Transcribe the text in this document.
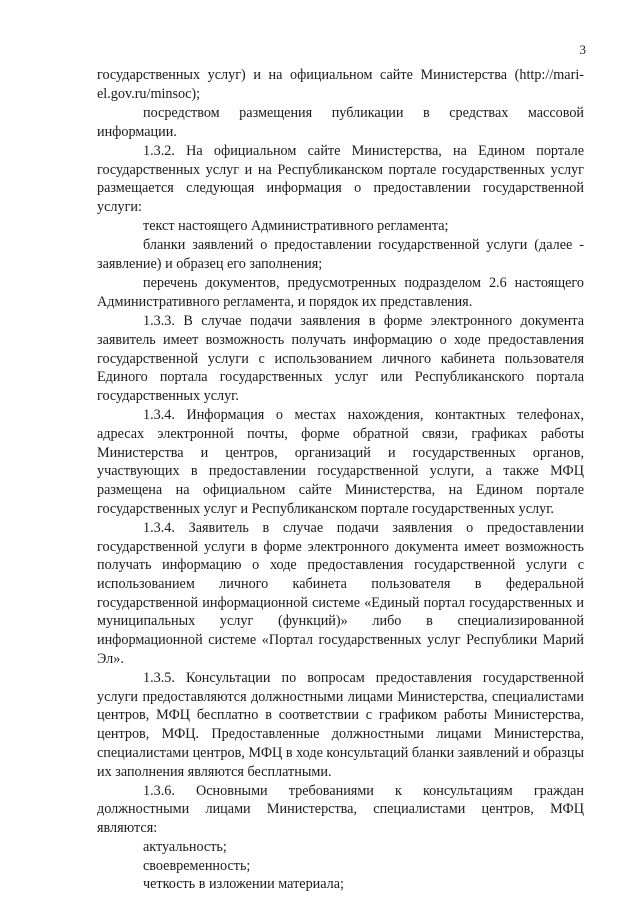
3

государственных услуг) и на официальном сайте Министерства (http://mari-el.gov.ru/minsoc);

посредством размещения публикации в средствах массовой информации.

1.3.2. На официальном сайте Министерства, на Едином портале государственных услуг и на Республиканском портале государственных услуг размещается следующая информация о предоставлении государственной услуги:

текст настоящего Административного регламента;

бланки заявлений о предоставлении государственной услуги (далее - заявление) и образец его заполнения;

перечень документов, предусмотренных подразделом 2.6 настоящего Административного регламента, и порядок их представления.

1.3.3. В случае подачи заявления в форме электронного документа заявитель имеет возможность получать информацию о ходе предоставления государственной услуги с использованием личного кабинета пользователя Единого портала государственных услуг или Республиканского портала государственных услуг.

1.3.4. Информация о местах нахождения, контактных телефонах, адресах электронной почты, форме обратной связи, графиках работы Министерства и центров, организаций и государственных органов, участвующих в предоставлении государственной услуги, а также МФЦ размещена на официальном сайте Министерства, на Едином портале государственных услуг и Республиканском портале государственных услуг.

1.3.4. Заявитель в случае подачи заявления о предоставлении государственной услуги в форме электронного документа имеет возможность получать информацию о ходе предоставления государственной услуги с использованием личного кабинета пользователя в федеральной государственной информационной системе «Единый портал государственных и муниципальных услуг (функций)» либо в специализированной информационной системе «Портал государственных услуг Республики Марий Эл».

1.3.5. Консультации по вопросам предоставления государственной услуги предоставляются должностными лицами Министерства, специалистами центров, МФЦ бесплатно в соответствии с графиком работы Министерства, центров, МФЦ. Предоставленные должностными лицами Министерства, специалистами центров, МФЦ в ходе консультаций бланки заявлений и образцы их заполнения являются бесплатными.

1.3.6. Основными требованиями к консультациям граждан должностными лицами Министерства, специалистами центров, МФЦ являются:

актуальность;

своевременность;

четкость в изложении материала;
